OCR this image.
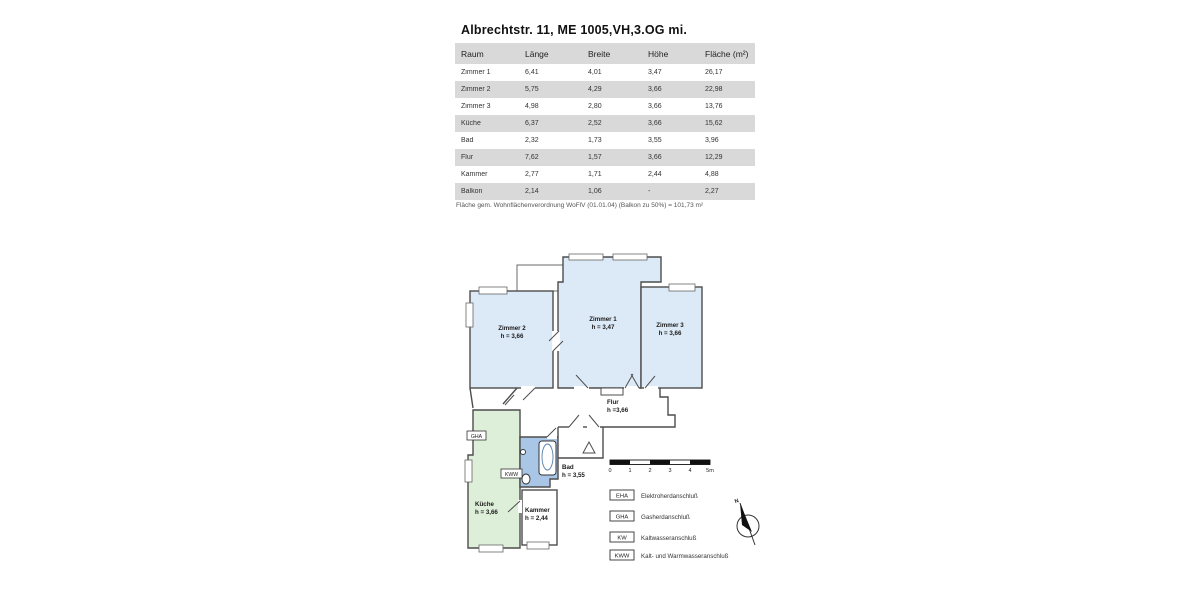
Albrechtstr. 11, ME 1005,VH,3.OG mi.
Raum	Länge	Breite	Höhe	Fläche (m²)
Zimmer 1	6,41	4,01	3,47	26,17
Zimmer 2	5,75	4,29	3,66	22,98
Zimmer 3	4,98	2,80	3,66	13,76
Küche	6,37	2,52	3,66	15,62
Bad	2,32	1,73	3,55	3,96
Flur	7,62	1,57	3,66	12,29
Kammer	2,77	1,71	2,44	4,88
Balkon	2,14	1,06	-	2,27
Fläche gem. Wohnflächenverordnung WoFlV (01.01.04) (Balkon zu 50%) = 101,73 m²
GHA
KWW
Zimmer 2
h = 3,66
Zimmer 1
h = 3,47	Zimmer 3
h = 3,66
Flur
h =3,66
Küche
h = 3,66
Bad
h = 3,55
Kammer
h = 2,44
0	1	2	3	4	5m
EHA Elektroherdanschluß
GHA Gasherdanschluß
KW Kaltwasseranschluß
KWW Kalt- und Warmwasseranschluß
N
